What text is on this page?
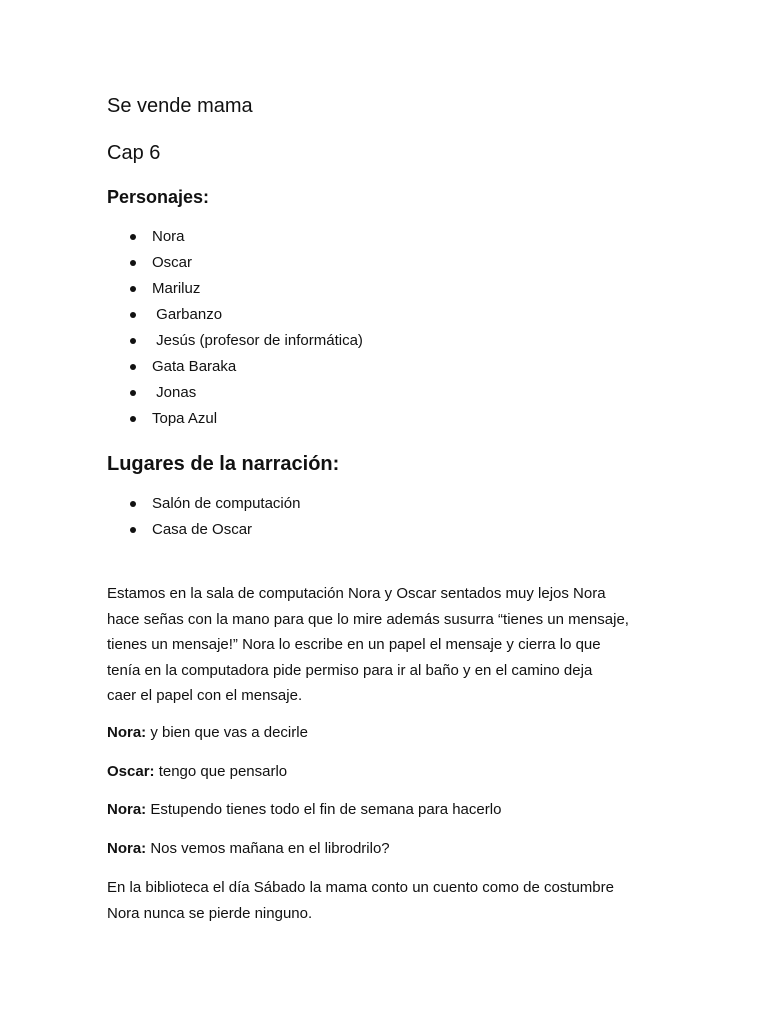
Se vende mama

Cap 6

Personajes:
Nora
Oscar
Mariluz
Garbanzo
Jesús (profesor de informática)
Gata Baraka
Jonas
Topa Azul
Lugares de la narración:
Salón de computación
Casa de Oscar

Estamos en la sala de computación Nora y Oscar sentados muy lejos Nora
hace señas con la mano para que lo mire además susurra “tienes un mensaje,
tienes un mensaje!” Nora lo escribe en un papel el mensaje y cierra lo que
tenía en la computadora pide permiso para ir al baño y en el camino deja
caer el papel con el mensaje.

Nora: y bien que vas a decirle

Oscar: tengo que pensarlo

Nora: Estupendo tienes todo el fin de semana para hacerlo

Nora: Nos vemos mañana en el librodrilo?

En la biblioteca el día Sábado la mama conto un cuento como de costumbre
Nora nunca se pierde ninguno.
